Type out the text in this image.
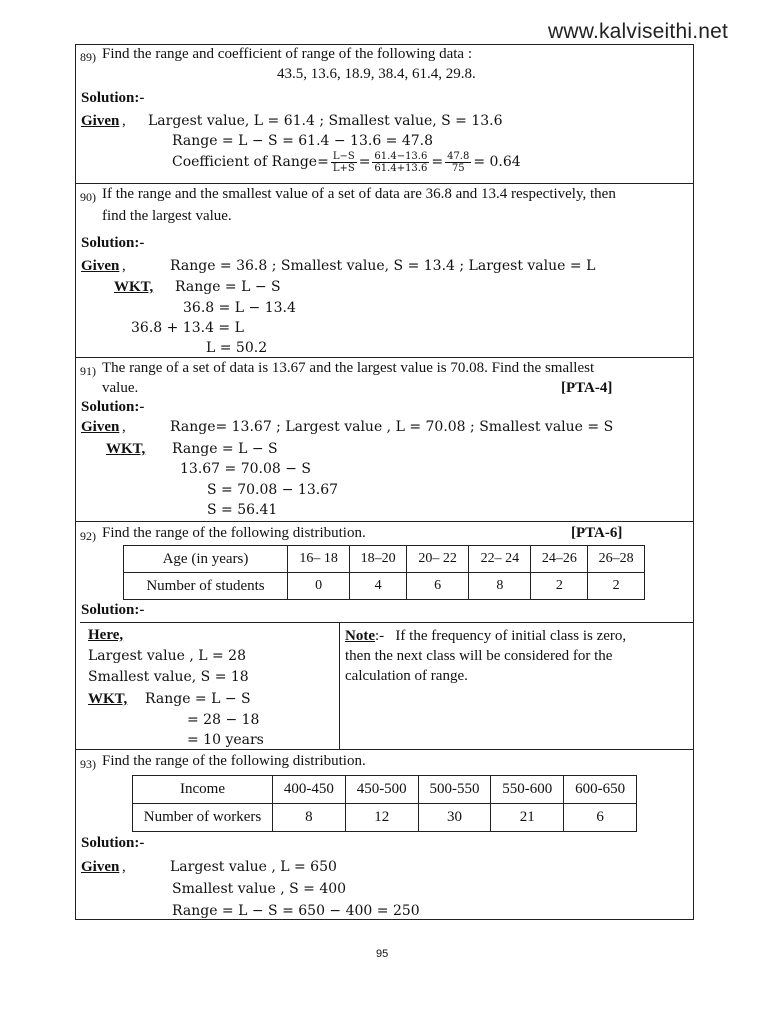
www.kalviseithi.net
89) Find the range and coefficient of range of the following data :
43.5, 13.6, 18.9, 38.4, 61.4, 29.8.
Solution:-
Given , Largest value, L = 61.4 ; Smallest value, S = 13.6
Range = L − S = 61.4 − 13.6 = 47.8
Coefficient of Range= $\frac{L-S}{L+S} = \frac{61.4-13.6}{61.4+13.6} = \frac{47.8}{75} = 0.64$
90) If the range and the smallest value of a set of data are 36.8 and 13.4 respectively, then
find the largest value.
Solution:-
Given ,	Range = 36.8 ; Smallest value, S = 13.4 ; Largest value = L
WKT, Range = L − S
36.8 = L − 13.4
36.8 + 13.4 = L
L = 50.2
91) The range of a set of data is 13.67 and the largest value is 70.08. Find the smallest
value.	[PTA-4]
Solution:-
Given ,	Range= 13.67 ; Largest value , L = 70.08 ; Smallest value = S
WKT, Range = L − S
13.67 = 70.08 − S
S = 70.08 − 13.67
S = 56.41
92) Find the range of the following distribution.	[PTA-6]
Age (in years)	16– 18	18–20	20– 22	22– 24	24–26	26–28
Number of students	0	4	6	8	2	2
Solution:-
Here,
Largest value , L = 28
Smallest value, S = 18
WKT, Range = L − S
= 28 − 18
= 10 years
Note:-   If the frequency of initial class is zero,
then the next class will be considered for the
calculation of range.
93) Find the range of the following distribution.
Income	400-450	450-500	500-550	550-600	600-650
Number of workers	8	12	30	21	6
Solution:-
Given ,	Largest value , L = 650
Smallest value , S = 400
Range = L − S = 650 − 400 = 250
95
